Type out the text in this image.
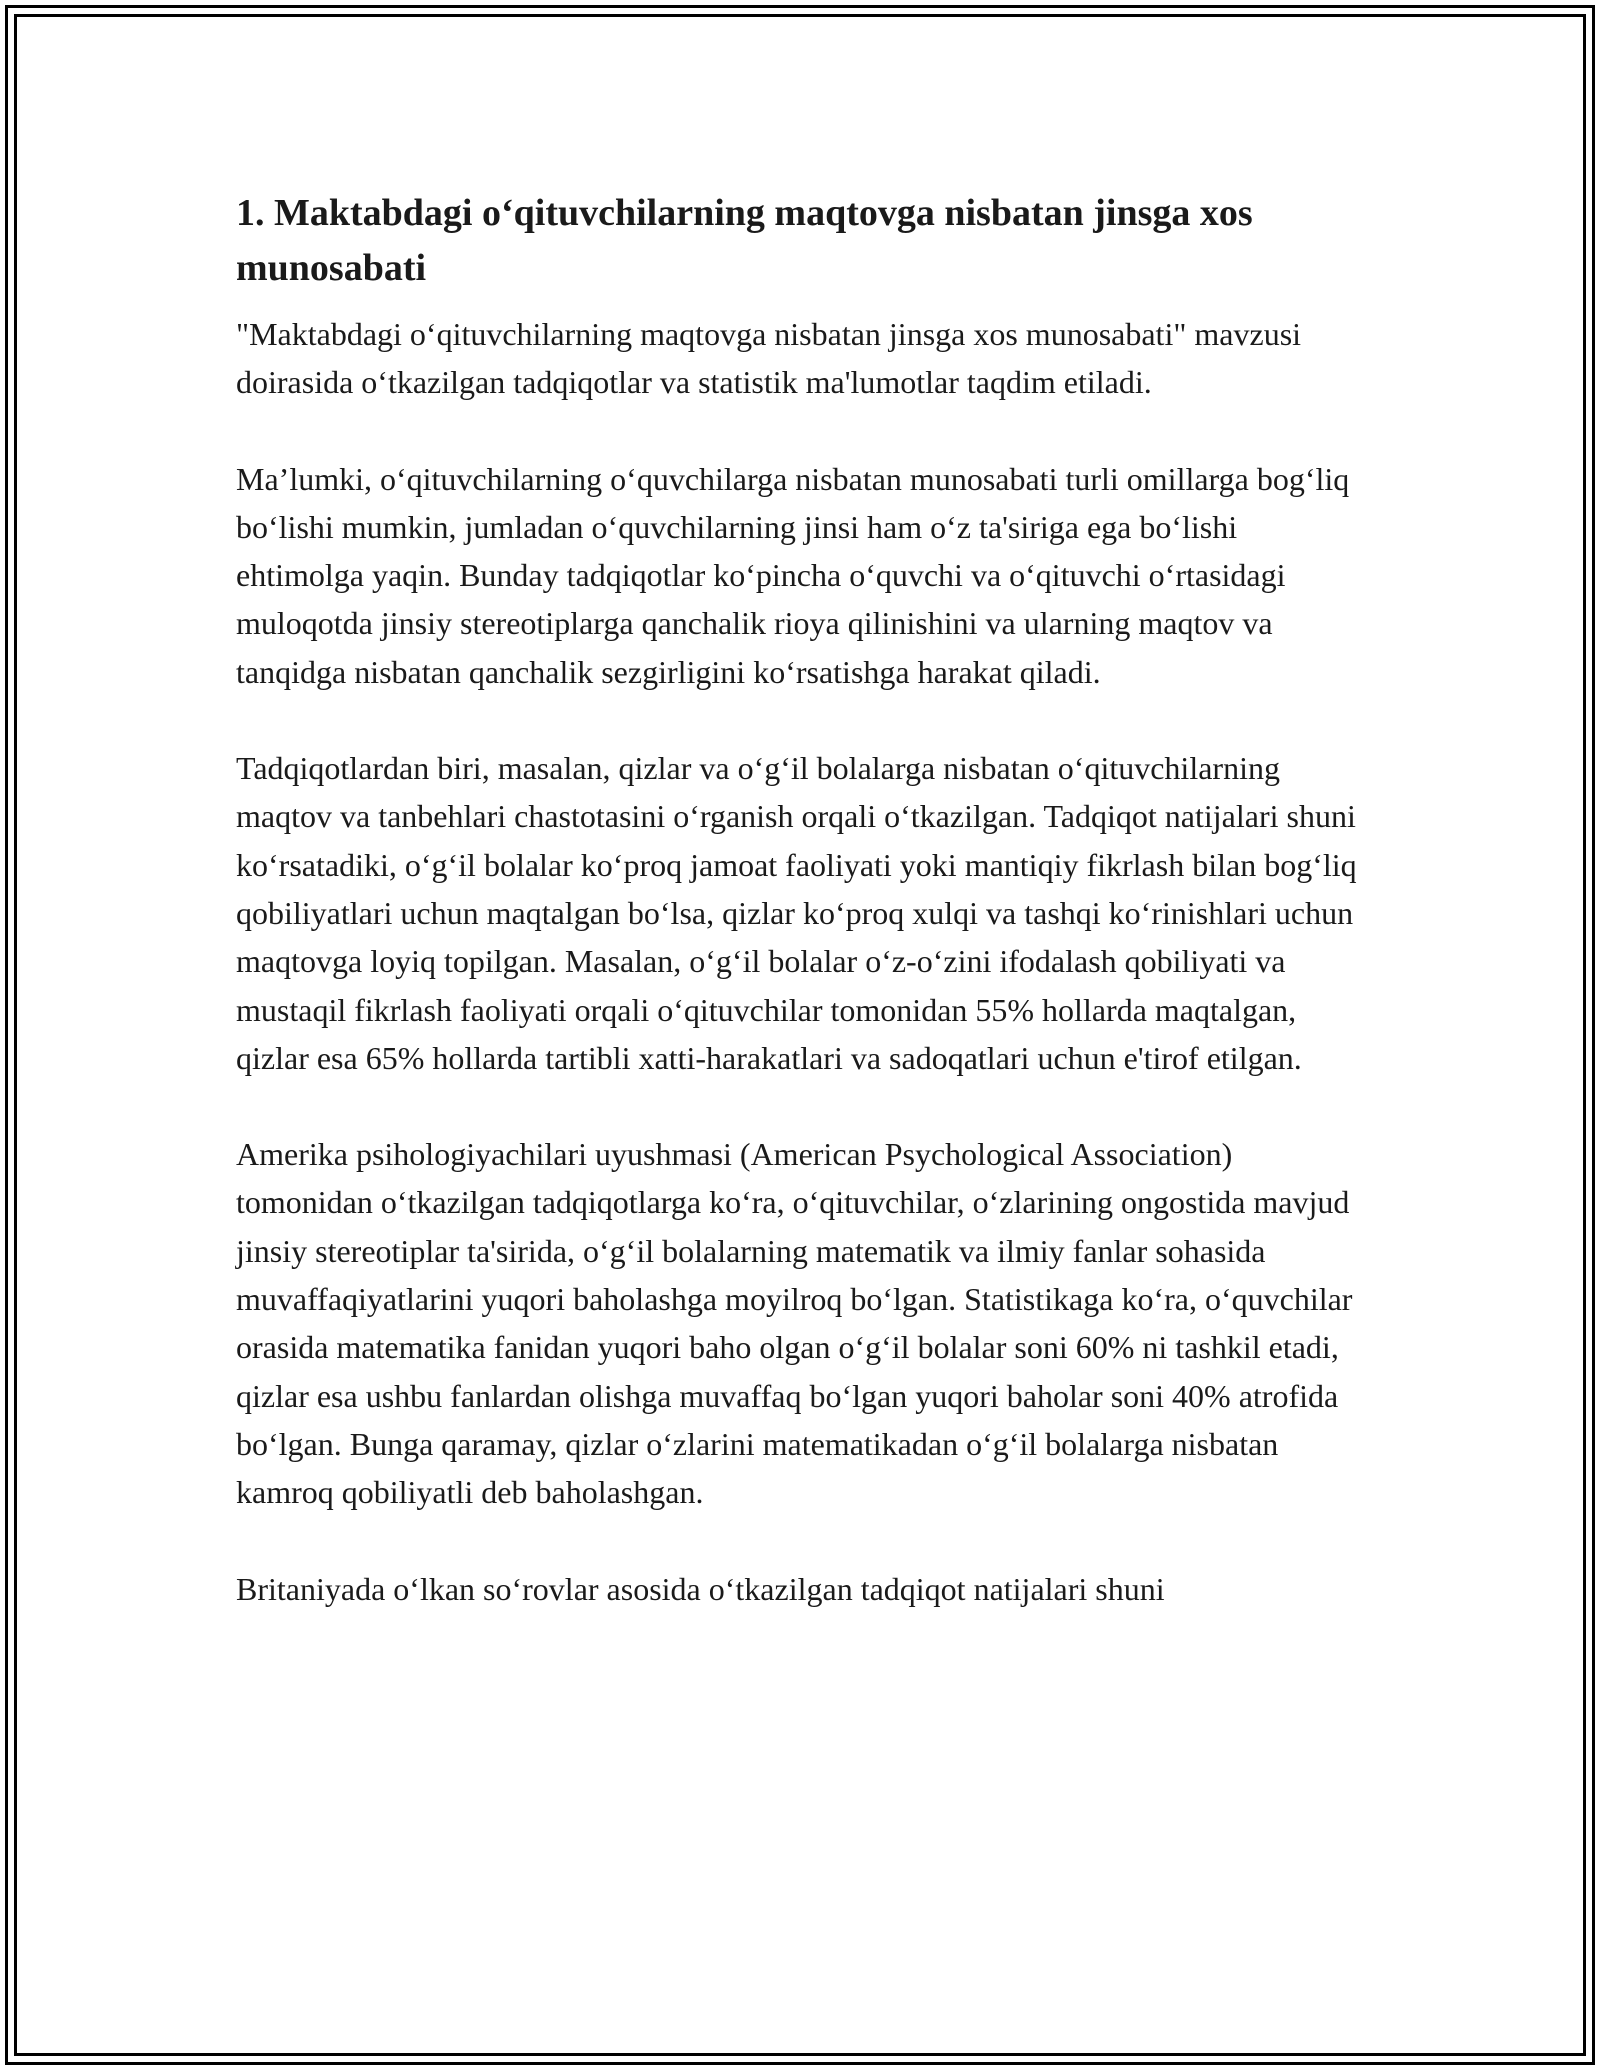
1. Maktabdagi o‘qituvchilarning maqtovga nisbatan jinsga xos munosabati

"Maktabdagi o‘qituvchilarning maqtovga nisbatan jinsga xos munosabati" mavzusi doirasida o‘tkazilgan tadqiqotlar va statistik ma'lumotlar taqdim etiladi.

Ma’lumki, o‘qituvchilarning o‘quvchilarga nisbatan munosabati turli omillarga bog‘liq bo‘lishi mumkin, jumladan o‘quvchilarning jinsi ham o‘z ta'siriga ega bo‘lishi ehtimolga yaqin. Bunday tadqiqotlar ko‘pincha o‘quvchi va o‘qituvchi o‘rtasidagi muloqotda jinsiy stereotiplarga qanchalik rioya qilinishini va ularning maqtov va tanqidga nisbatan qanchalik sezgirligini ko‘rsatishga harakat qiladi.

Tadqiqotlardan biri, masalan, qizlar va o‘g‘il bolalarga nisbatan o‘qituvchilarning maqtov va tanbehlari chastotasini o‘rganish orqali o‘tkazilgan. Tadqiqot natijalari shuni ko‘rsatadiki, o‘g‘il bolalar ko‘proq jamoat faoliyati yoki mantiqiy fikrlash bilan bog‘liq qobiliyatlari uchun maqtalgan bo‘lsa, qizlar ko‘proq xulqi va tashqi ko‘rinishlari uchun maqtovga loyiq topilgan. Masalan, o‘g‘il bolalar o‘z-o‘zini ifodalash qobiliyati va mustaqil fikrlash faoliyati orqali o‘qituvchilar tomonidan 55% hollarda maqtalgan, qizlar esa 65% hollarda tartibli xatti-harakatlari va sadoqatlari uchun e'tirof etilgan.

Amerika psihologiyachilari uyushmasi (American Psychological Association) tomonidan o‘tkazilgan tadqiqotlarga ko‘ra, o‘qituvchilar, o‘zlarining ongostida mavjud jinsiy stereotiplar ta'sirida, o‘g‘il bolalarning matematik va ilmiy fanlar sohasida muvaffaqiyatlarini yuqori baholashga moyilroq bo‘lgan. Statistikaga ko‘ra, o‘quvchilar orasida matematika fanidan yuqori baho olgan o‘g‘il bolalar soni 60% ni tashkil etadi, qizlar esa ushbu fanlardan olishga muvaffaq bo‘lgan yuqori baholar soni 40% atrofida bo‘lgan. Bunga qaramay, qizlar o‘zlarini matematikadan o‘g‘il bolalarga nisbatan kamroq qobiliyatli deb baholashgan.

Britaniyada o‘lkan so‘rovlar asosida o‘tkazilgan tadqiqot natijalari shuni
